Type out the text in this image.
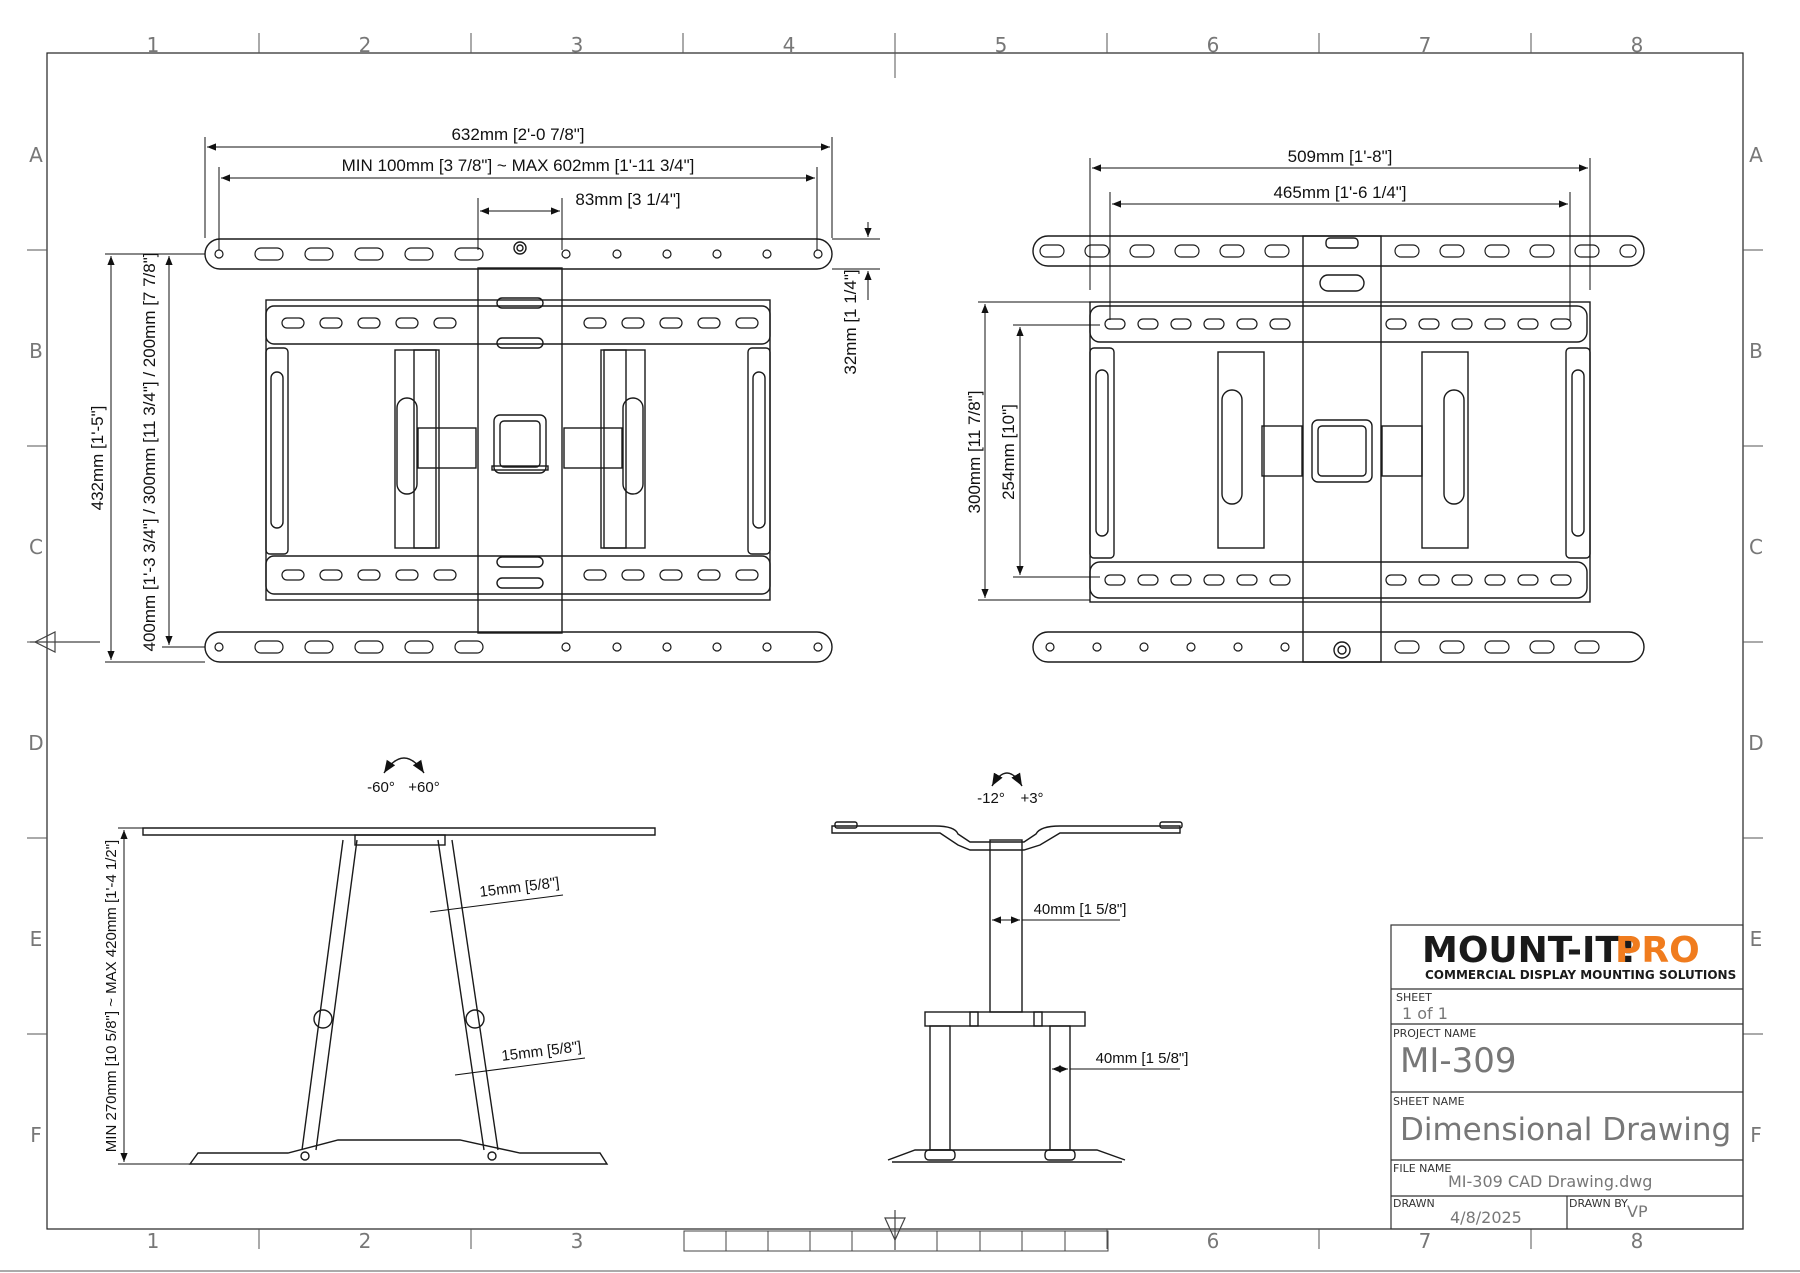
1	2	3	4	5	6	7	8
1	2	3	6	7	8
A
B
C
D
E
F
A
B
C
D
E
F
632mm [2'-0 7/8"]
MIN 100mm [3 7/8"] ~ MAX 602mm [1'-11 3/4"]
83mm [3 1/4"]
432mm [1'-5"] 400mm [1'-3 3/4"] / 300mm [11 3/4"] / 200mm [7 7/8"]	32mm [1 1/4"]
509mm [1'-8"]
465mm [1'-6 1/4"]
300mm [11 7/8"] 254mm [10"]
-60° +60°
15mm [5/8"]
15mm [5/8"]
MIN 270mm [10 5/8"] ~ MAX 420mm [1'-4 1/2"]
-12° +3°
40mm [1 5/8"]
40mm [1 5/8"]
MOUNT-IT!
PRO
COMMERCIAL DISPLAY MOUNTING SOLUTIONS
SHEET
1 of 1
PROJECT NAME
MI-309
SHEET NAME
Dimensional Drawing
FILE NAME
MI-309 CAD Drawing.dwg
DRAWN
4/8/2025
DRAWN BY VP
